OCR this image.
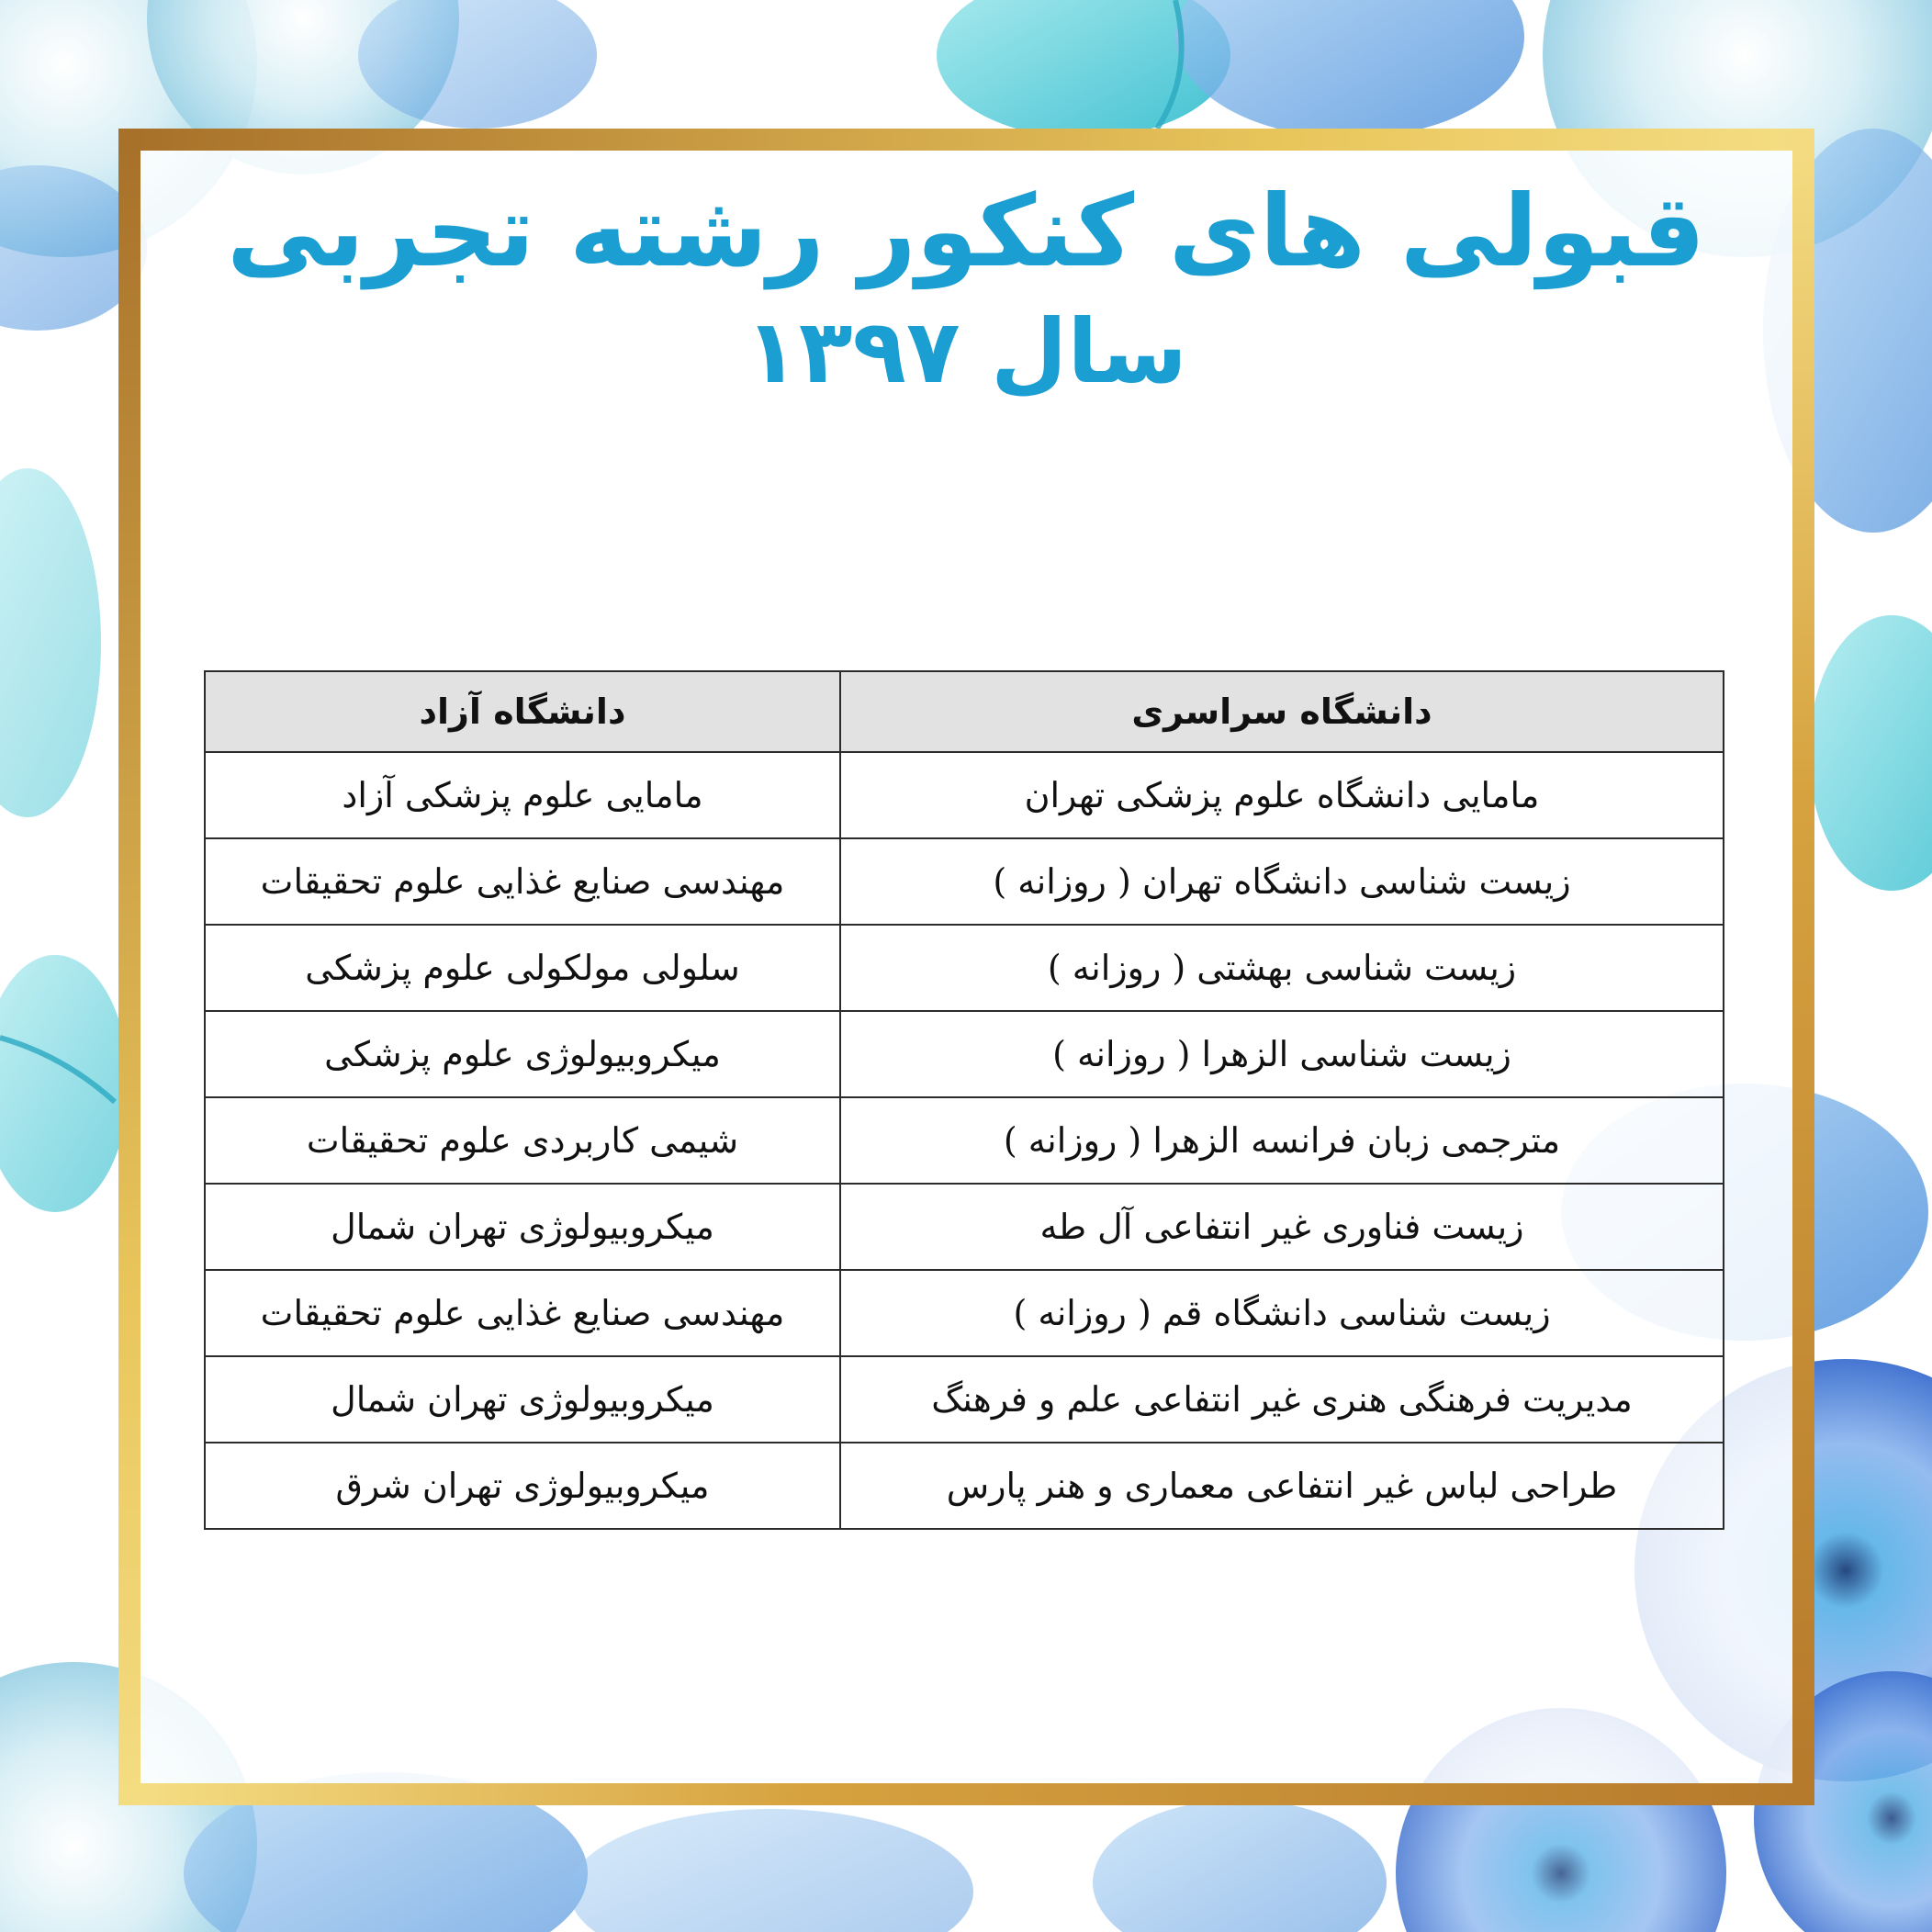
قبولی های کنکور رشته تجربی
سال ۱۳۹۷
دانشگاه سراسری	دانشگاه آزاد
مامایی دانشگاه علوم پزشکی تهران	مامایی علوم پزشکی آزاد
زیست شناسی دانشگاه تهران ( روزانه )	مهندسی صنایع غذایی علوم تحقیقات
زیست شناسی بهشتی ( روزانه )	سلولی مولکولی علوم پزشکی
زیست شناسی الزهرا ( روزانه )	میکروبیولوژی علوم پزشکی
مترجمی زبان فرانسه الزهرا ( روزانه )	شیمی کاربردی علوم تحقیقات
زیست فناوری غیر انتفاعی آل طه	میکروبیولوژی تهران شمال
زیست شناسی دانشگاه قم ( روزانه )	مهندسی صنایع غذایی علوم تحقیقات
مدیریت فرهنگی هنری غیر انتفاعی علم و فرهنگ	میکروبیولوژی تهران شمال
طراحی لباس غیر انتفاعی معماری و هنر پارس	میکروبیولوژی تهران شرق
